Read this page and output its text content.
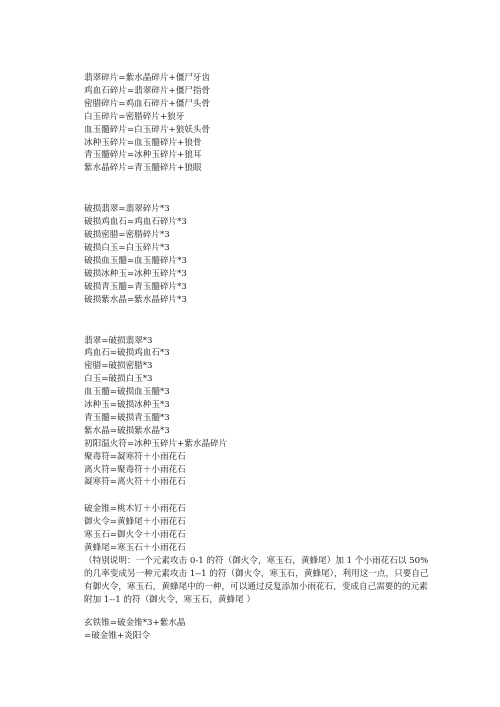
翡翠碎片=紫水晶碎片+僵尸牙齿
鸡血石碎片=翡翠碎片+僵尸指骨
密腊碎片=鸡血石碎片+僵尸头骨
白玉碎片=密腊碎片+狼牙
血玉髓碎片=白玉碎片+狼妖头骨
冰种玉碎片=血玉髓碎片+狼骨
青玉髓碎片=冰种玉碎片+狼耳
紫水晶碎片=青玉髓碎片+狼眼
破损翡翠=翡翠碎片*3
破损鸡血石=鸡血石碎片*3
破损密腊=密腊碎片*3
破损白玉=白玉碎片*3
破损血玉髓=血玉髓碎片*3
破损冰种玉=冰种玉碎片*3
破损青玉髓=青玉髓碎片*3
破损紫水晶=紫水晶碎片*3
翡翠=破损翡翠*3
鸡血石=破损鸡血石*3
密腊=破损密腊*3
白玉=破损白玉*3
血玉髓=破损血玉髓*3
冰种玉=破损冰种玉*3
青玉髓=破损青玉髓*3
紫水晶=破损紫水晶*3
初阳温火符=冰种玉碎片+紫水晶碎片
聚毒符=凝寒符＋小雨花石
离火符=聚毒符＋小雨花石
凝寒符=离火符＋小雨花石
破金锥=桃木钉＋小雨花石
御火令=黄蜂尾＋小雨花石
寒玉石=御火令＋小雨花石
黄蜂尾=寒玉石＋小雨花石
（特别说明：一个元素攻击 0-1 的符（御火令，寒玉石，黄蜂尾）加 1 个小雨花石以 50%的几率变成另一种元素攻击 1--1 的符（御火令，寒玉石，黄蜂尾），利用这一点，只要自己有御火令，寒玉石，黄蜂尾中的一种，可以通过反复添加小雨花石，变成自己需要的的元素附加 1--1 的符（御火令，寒玉石，黄蜂尾 ）
玄铁锥=破金锥*3+紫水晶
=破金锥+炎阳令
